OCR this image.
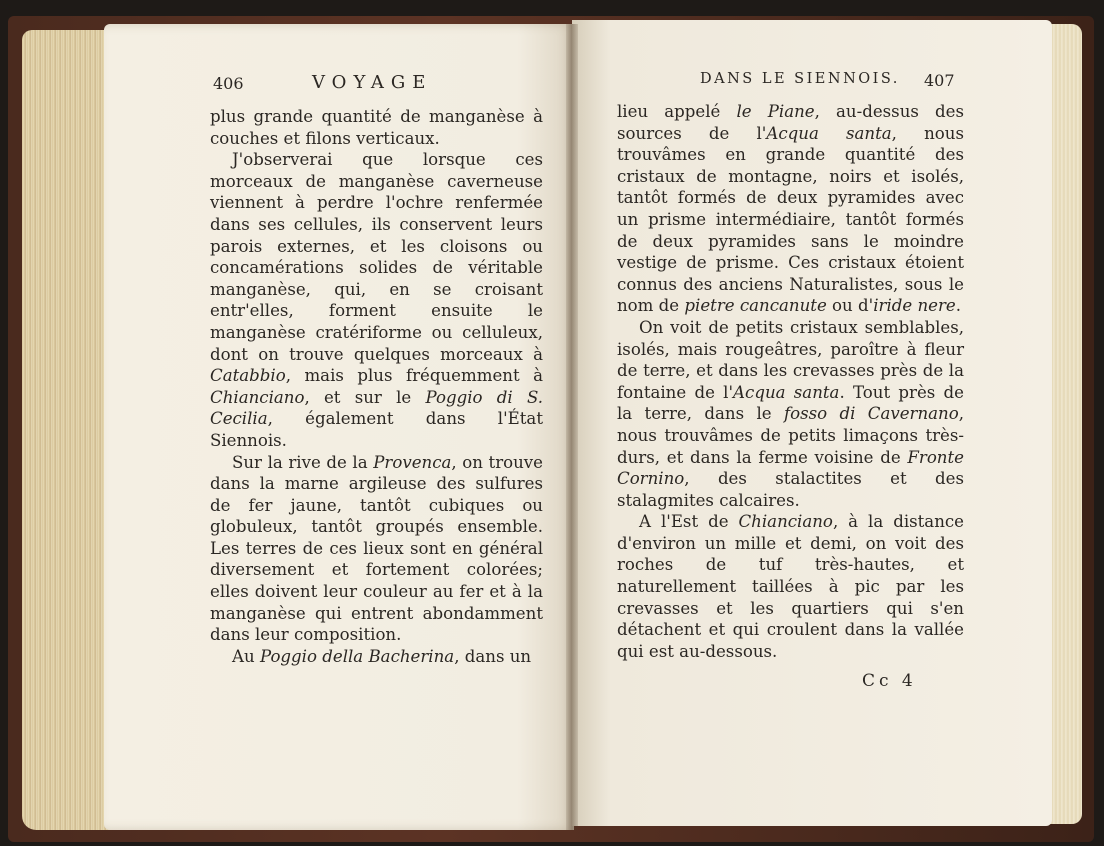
406	VOYAGE	DANS LE SIENNOIS. 407

plus grande quantité de manganèse à couches et filons verticaux.

J'observerai que lorsque ces morceaux de manganèse caverneuse viennent à perdre l'ochre renfermée dans ses cellules, ils conservent leurs parois externes, et les cloisons ou concamérations solides de véritable manganèse, qui, en se croisant entr'elles, forment ensuite le manganèse cratériforme ou celluleux, dont on trouve quelques morceaux à Catabbio, mais plus fréquemment à Chianciano, et sur le Poggio di S. Cecilia, également dans l'État Siennois.

Sur la rive de la Provenca, on trouve dans la marne argileuse des sulfures de fer jaune, tantôt cubiques ou globuleux, tantôt groupés ensemble. Les terres de ces lieux sont en général diversement et fortement colorées; elles doivent leur couleur au fer et à la manganèse qui entrent abondamment dans leur composition.

Au Poggio della Bacherina, dans un

lieu appelé le Piane, au-dessus des sources de l'Acqua santa, nous trouvâmes en grande quantité des cristaux de montagne, noirs et isolés, tantôt formés de deux pyramides avec un prisme intermédiaire, tantôt formés de deux pyramides sans le moindre vestige de prisme. Ces cristaux étoient connus des anciens Naturalistes, sous le nom de pietre cancanute ou d'iride nere.

On voit de petits cristaux semblables, isolés, mais rougeâtres, paroître à fleur de terre, et dans les crevasses près de la fontaine de l'Acqua santa. Tout près de la terre, dans le fosso di Cavernano, nous trouvâmes de petits limaçons très-durs, et dans la ferme voisine de Fronte Cornino, des stalactites et des stalagmites calcaires.

A l'Est de Chianciano, à la distance d'environ un mille et demi, on voit des roches de tuf très-hautes, et naturellement taillées à pic par les crevasses et les quartiers qui s'en détachent et qui croulent dans la vallée qui est au-dessous.

Cc 4
